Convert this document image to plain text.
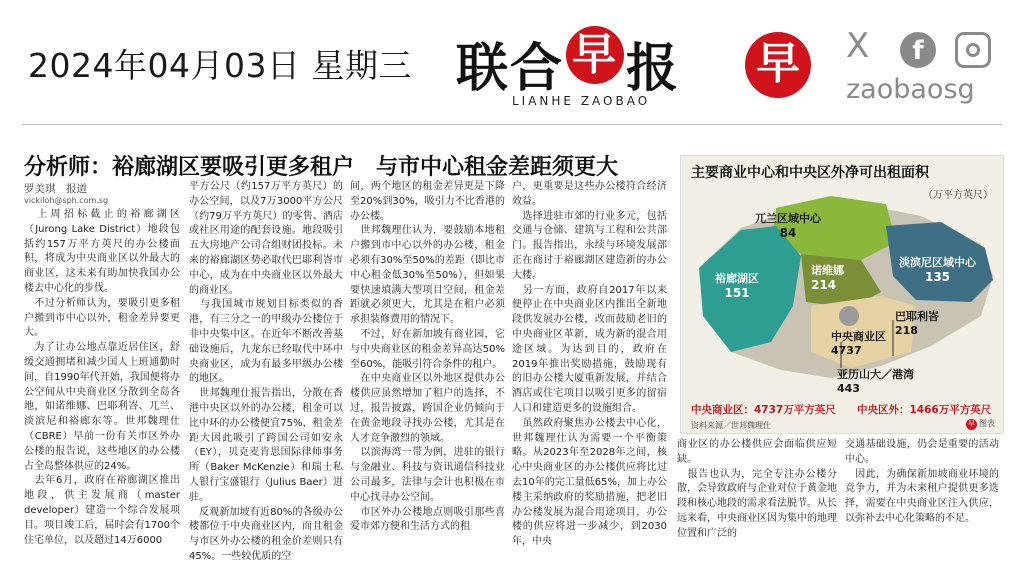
2024年04月03日 星期三 联合 早 报
LIANHE ZAOBAO
早	X	f
zaobaosg
分析师：裕廊湖区要吸引更多租户　与市中心租金差距须更大
罗美琪　报道
vickiloh@sph.com.sg

　上周招标截止的裕廊湖区（Jurong Lake District）地段包括约157万平方英尺的办公楼面积，将成为中央商业区以外最大的商业区，这未来有助加快我国办公楼去中心化的步伐。

　不过分析师认为，要吸引更多租户搬到市中心以外，租金差异要更大。

　为了让办公地点靠近居住区，舒缓交通拥堵和减少国人上班通勤时间，自1990年代开始，我国便将办公空间从中央商业区分散到全岛各地，如诺维娜、巴耶利峇、兀兰、淡滨尼和裕廊东等。世邦魏理仕（CBRE）早前一份有关市区外办公楼的报告说，这些地区的办公楼占全岛整体供应的24%。

　去年6月，政府在裕廊湖区推出地段，供主发展商（master developer）建造一个综合发展项目。项目竣工后，届时会有1700个住宅单位，以及超过14万6000

平方公尺（约157万平方英尺）的办公空间，以及7万3000平方公尺（约79万平方英尺）的零售、酒店或社区用途的配套设施。地段吸引五大房地产公司合组财团投标。未来的裕廊湖区势必取代巴耶利峇市中心，成为在中央商业区以外最大的商业区。

　与我国城市规划目标类似的香港，有三分之一的甲级办公楼位于非中央集中区。在近年不断改善基础设施后，九龙东已经取代中环中央商业区，成为有最多甲级办公楼的地区。

　世邦魏理仕报告指出，分散在香港中央区以外的办公楼，租金可以比中环的办公楼便宜75%，租金差距大因此吸引了跨国公司如安永（EY），贝克麦肯思国际律师事务所（Baker McKenzie）和瑞士私人银行宝盛银行（Julius Baer）进驻。

　反观新加坡有近80%的各级办公楼都位于中央商业区内，而且租金与市区外办公楼的租金价差则只有45%。一些较优质的空

间，两个地区的租金差异更是下降至20%到30%，吸引力不比香港的办公楼。

　世邦魏理仕认为，要鼓励本地租户搬到市中心以外的办公楼，租金必须有30%至50%的差距（即比市中心租金低30%至50%），但如果要快速填满大型项目空间，租金差距就必须更大，尤其是在租户必须承担装修费用的情况下。

　不过，好在新加坡有商业园，它与中央商业区的租金差异高达50%至60%，能吸引符合条件的租户。

　在中央商业区以外地区提供办公楼供应虽然增加了租户的选择，不过，报告披露，跨国企业仍倾向于在黄金地段寻找办公楼，尤其是在人才竞争激烈的领域。

　以滨海湾一带为例，进驻的银行与金融业、科技与资讯通信科技业公司最多，法律与会计也积极在市中心找寻办公空间。

　市区外办公楼地点则吸引那些喜爱市郊方便和生活方式的租

户，更重要是这些办公楼符合经济效益。

　选择进驻市郊的行业多元，包括交通与仓储、建筑与工程和公共部门。报告指出，永续与环境发展部正在商讨于裕廊湖区建造新的办公大楼。

　另一方面，政府自2017年以来便停止在中央商业区内推出全新地段供发展办公楼，改而鼓励老旧的中央商业区革新，成为新的混合用途区域。为达到目的，政府在2019年推出奖励措施，鼓励现有的旧办公楼大厦重新发展，并结合酒店或住宅项目以吸引更多的留宿人口和建造更多的设施组合。

　虽然政府聚焦办公楼去中心化，世邦魏理仕认为需要一个平衡策略。从2023年至2028年之间，核心中央商业区的办公楼供应将比过去10年的完工量低65%，加上办公楼主采纳政府的奖励措施，把老旧办公楼发展为混合用途项目，办公楼的供应将进一步减少，到2030年，中央

主要商业中心和中央区外净可出租面积
（万平方英尺）
兀兰区域中心
84
裕廊湖区
151
诺维娜
214
淡滨尼区域中心
135
巴耶利峇
218
中央商业区
4737
亚历山大／港湾
443
中央商业区：4737万平方英尺 中央区外：1466万平方英尺
资料来源／世邦魏理仕	早 图表

商业区的办公楼供应会面临供应短缺。

　报告也认为，完全专注办公楼分散，会导致政府与企业对位于黄金地段和核心地段的需求看法脱节。从长远来看，中央商业区因为集中的地理位置和广泛的

交通基础设施，仍会是重要的活动中心。

　因此，为确保新加坡商业环境的竞争力，并为未来租户提供更多选择，需要在中央商业区注入供应，以弥补去中心化策略的不足。
